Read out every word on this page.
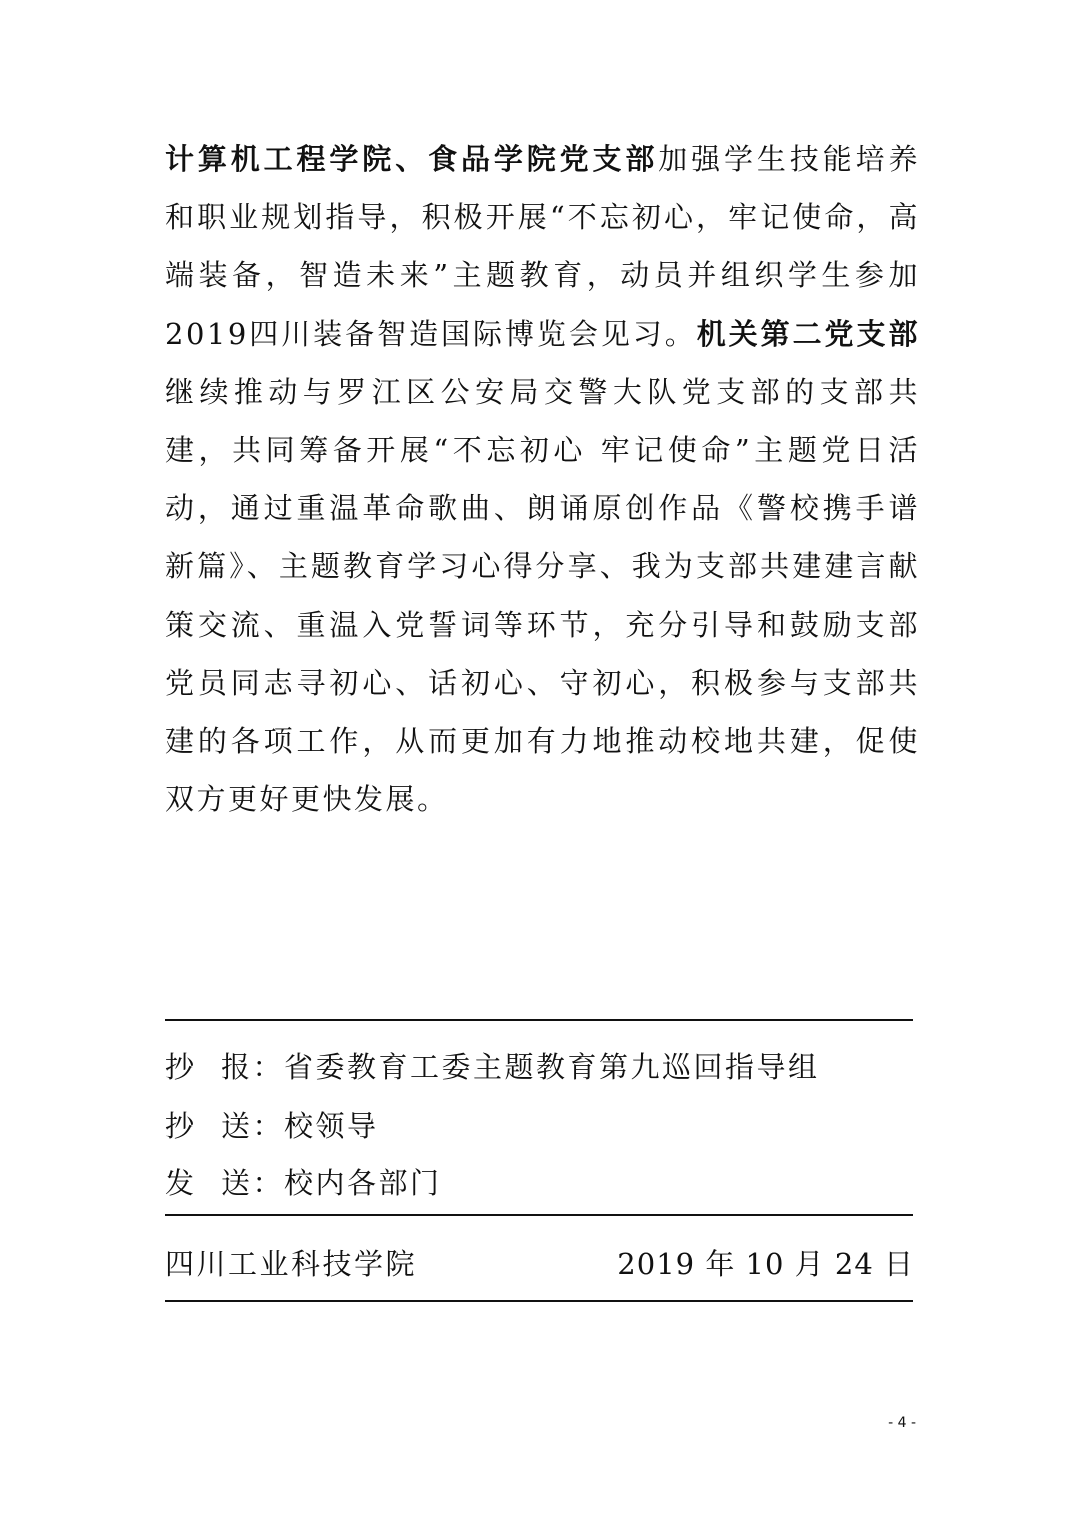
计算机工程学院、食品学院党支部加强学生技能培养和职业规划指导，积极开展“不忘初心，牢记使命，高端装备，智造未来”主题教育，动员并组织学生参加2019四川装备智造国际博览会见习。机关第二党支部继续推动与罗江区公安局交警大队党支部的支部共建，共同筹备开展“不忘初心 牢记使命”主题党日活动，通过重温革命歌曲、朗诵原创作品《警校携手谱新篇》、主题教育学习心得分享、我为支部共建建言献策交流、重温入党誓词等环节，充分引导和鼓励支部党员同志寻初心、话初心、守初心，积极参与支部共建的各项工作，从而更加有力地推动校地共建，促使双方更好更快发展。

抄 报：省委教育工委主题教育第九巡回指导组
抄 送：校领导
发 送：校内各部门
四川工业科技学院	2019 年 10 月 24 日
- 4 -
